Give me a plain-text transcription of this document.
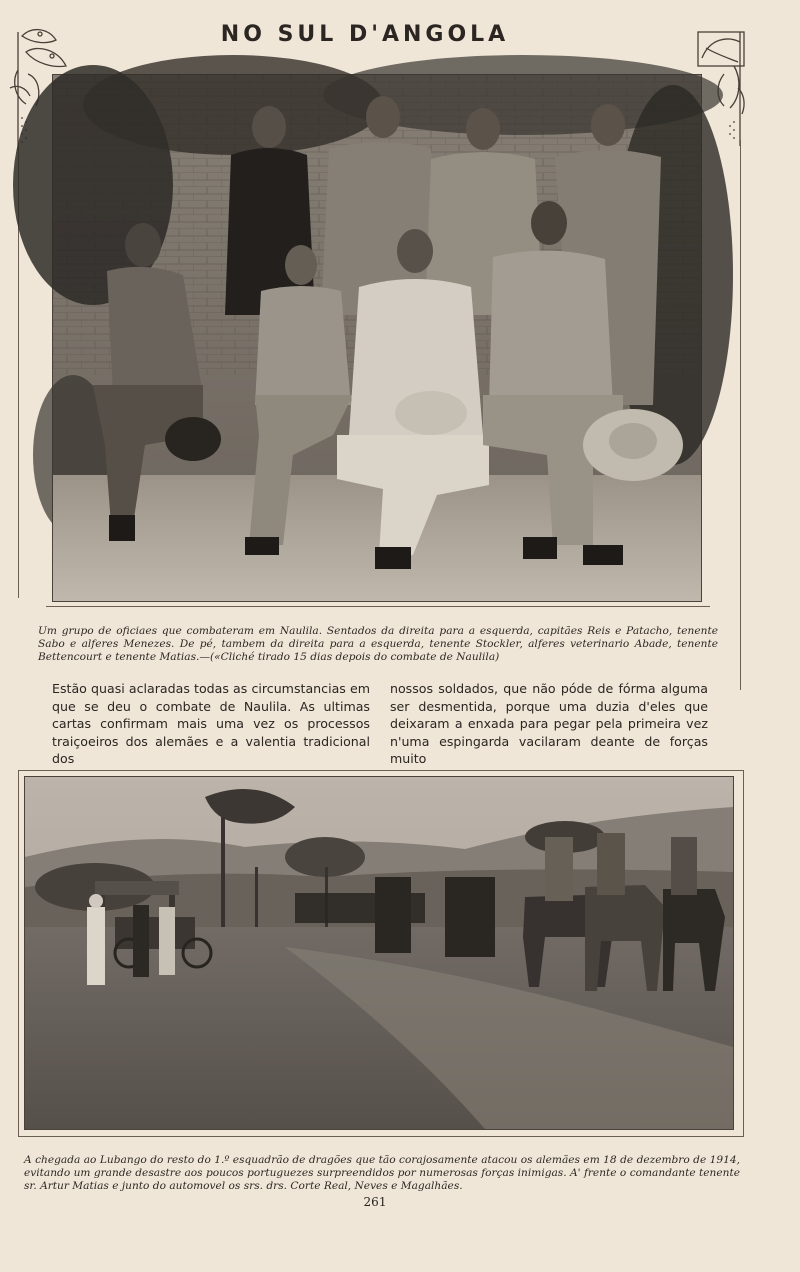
NO SUL D'ANGOLA
Um grupo de oficiaes que combateram em Naulila. Sentados da direita para a esquerda, capitães Reis e Patacho, tenente Sabo e alferes Menezes. De pé, tambem da direita para a esquerda, tenente Stockler, alferes veterinario Abade, tenente Bettencourt e tenente Matias.—(«Cliché tirado 15 dias depois do combate de Naulila)
Estão quasi aclaradas todas as circumstancias em que se deu o combate de Naulila. As ultimas cartas confirmam mais uma vez os processos traiçoeiros dos alemães e a valentia tradicional dos
nossos soldados, que não póde de fórma alguma ser desmentida, porque uma duzia d'eles que deixaram a enxada para pegar pela primeira vez n'uma espingarda vacilaram deante de forças muito
A chegada ao Lubango do resto do 1.º esquadrão de dragões que tão corajosamente atacou os alemães em 18 de dezembro de 1914, evitando um grande desastre aos poucos portuguezes surpreendidos por numerosas forças inimigas. A' frente o comandante tenente sr. Artur Matias e junto do automovel os srs. drs. Corte Real, Neves e Magalhães.
261
